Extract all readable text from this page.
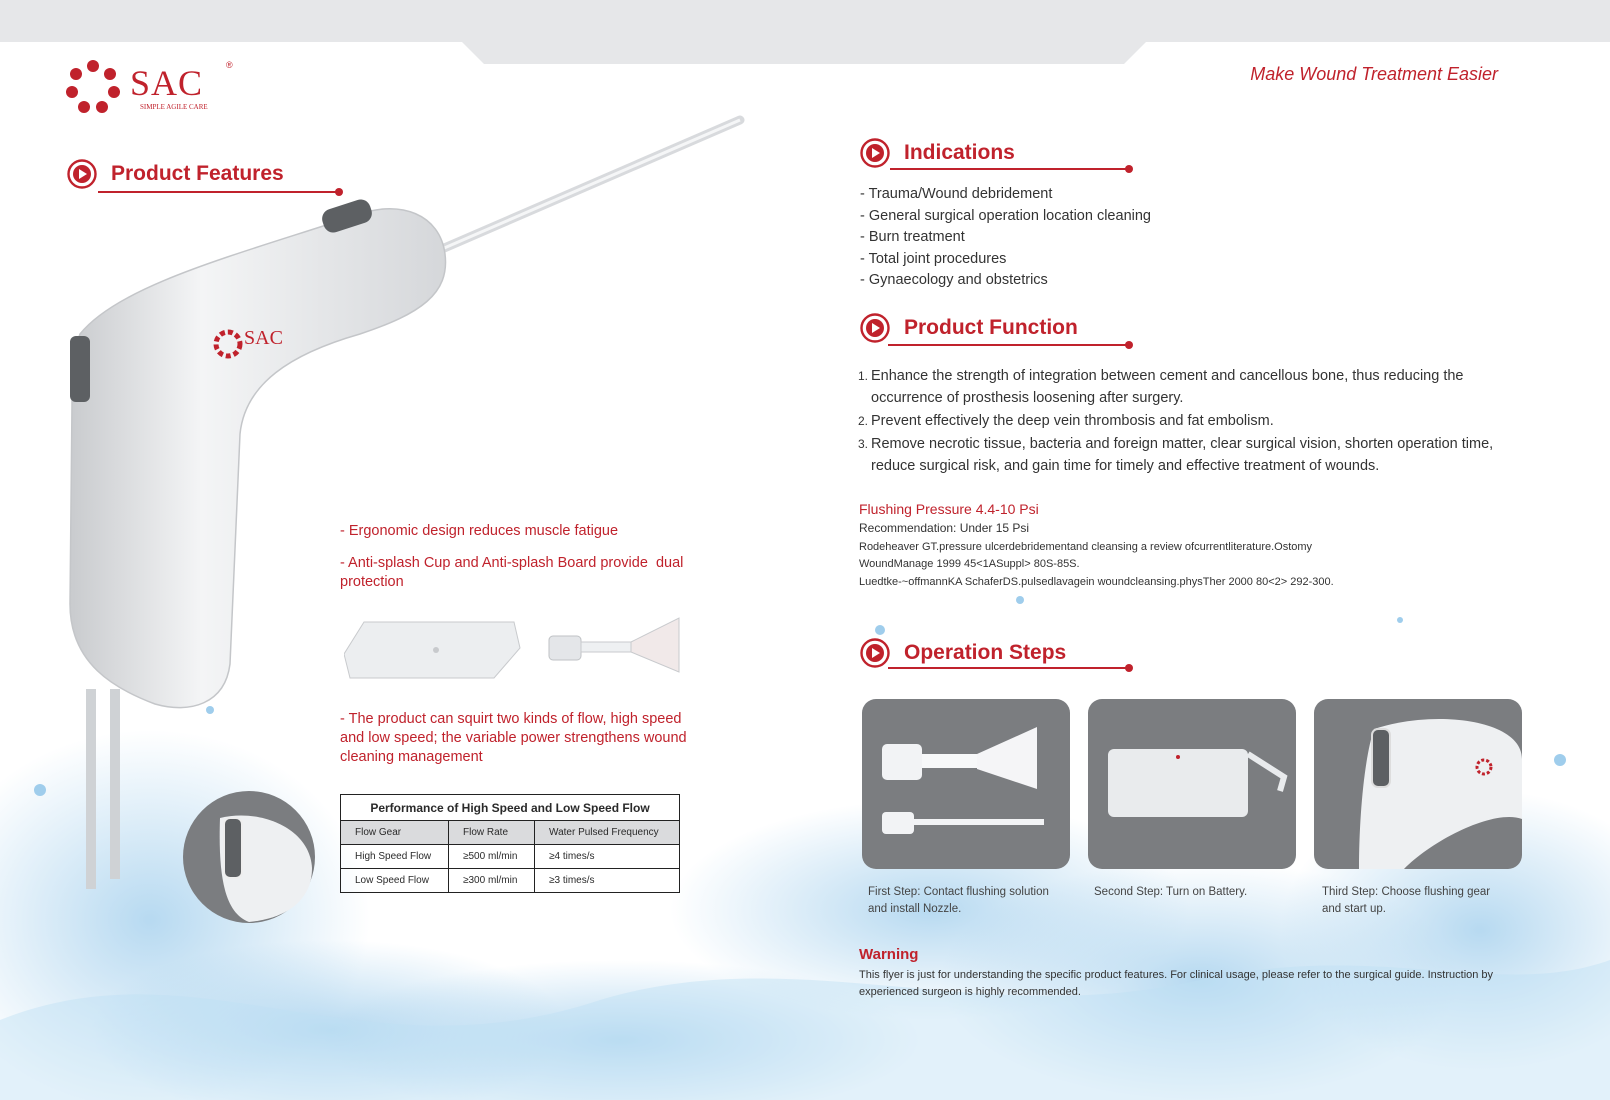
SAC	®
SIMPLE AGILE CARE
Make Wound Treatment Easier
Product Features
SAC
- Ergonomic design reduces muscle fatigue
- Anti-splash Cup and Anti-splash Board provide  dual protection
- The product can squirt two kinds of flow, high speed and low speed; the variable power strengthens wound cleaning management
Performance of High Speed and Low Speed Flow		
Flow Gear	Flow Rate	Water Pulsed Frequency
High Speed Flow	≥500 ml/min	≥4 times/s
Low Speed Flow	≥300 ml/min	≥3 times/s
Indications
- Trauma/Wound debridement
- General surgical operation location cleaning
- Burn treatment
- Total joint procedures
- Gynaecology and obstetrics
Product Function
1. Enhance the strength of integration between cement and cancellous bone, thus reducing the occurrence of prosthesis loosening after surgery.
2. Prevent effectively the deep vein thrombosis and fat embolism.
3. Remove necrotic tissue, bacteria and foreign matter, clear surgical vision, shorten operation time, reduce surgical risk, and gain time for timely and effective treatment of wounds.
Flushing Pressure 4.4-10 Psi
Recommendation: Under 15 Psi
Rodeheaver GT.pressure ulcerdebridementand cleansing a review ofcurrentliterature.Ostomy
WoundManage 1999 45<1ASuppl> 80S-85S.
Luedtke-~offmannKA SchaferDS.pulsedlavagein woundcleansing.physTher 2000 80<2> 292-300.
Operation Steps
First Step: Contact flushing solution and install Nozzle.
Second Step: Turn on Battery.	Third Step: Choose flushing gear and start up.
Warning
This flyer is just for understanding the specific product features. For clinical usage, please refer to the surgical guide. Instruction by experienced surgeon is highly recommended.
